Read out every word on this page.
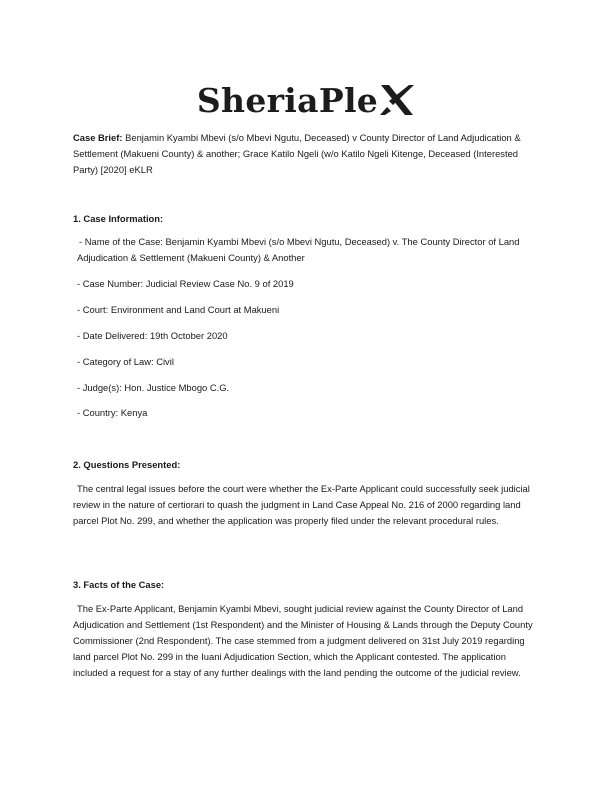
SheriaPle

Case Brief: Benjamin Kyambi Mbevi (s/o Mbevi Ngutu, Deceased) v County Director of Land Adjudication & Settlement (Makueni County) & another; Grace Katilo Ngeli (w/o Katilo Ngeli Kitenge, Deceased (Interested Party) [2020] eKLR

1. Case Information:

- Name of the Case: Benjamin Kyambi Mbevi (s/o Mbevi Ngutu, Deceased) v. The County Director of Land Adjudication & Settlement (Makueni County) & Another

- Case Number: Judicial Review Case No. 9 of 2019

- Court: Environment and Land Court at Makueni

- Date Delivered: 19th October 2020

- Category of Law: Civil

- Judge(s): Hon. Justice Mbogo C.G.

- Country: Kenya

2. Questions Presented:

The central legal issues before the court were whether the Ex-Parte Applicant could successfully seek judicial review in the nature of certiorari to quash the judgment in Land Case Appeal No. 216 of 2000 regarding land parcel Plot No. 299, and whether the application was properly filed under the relevant procedural rules.

3. Facts of the Case:

The Ex-Parte Applicant, Benjamin Kyambi Mbevi, sought judicial review against the County Director of Land Adjudication and Settlement (1st Respondent) and the Minister of Housing & Lands through the Deputy County Commissioner (2nd Respondent). The case stemmed from a judgment delivered on 31st July 2019 regarding land parcel Plot No. 299 in the Iuani Adjudication Section, which the Applicant contested. The application included a request for a stay of any further dealings with the land pending the outcome of the judicial review.
